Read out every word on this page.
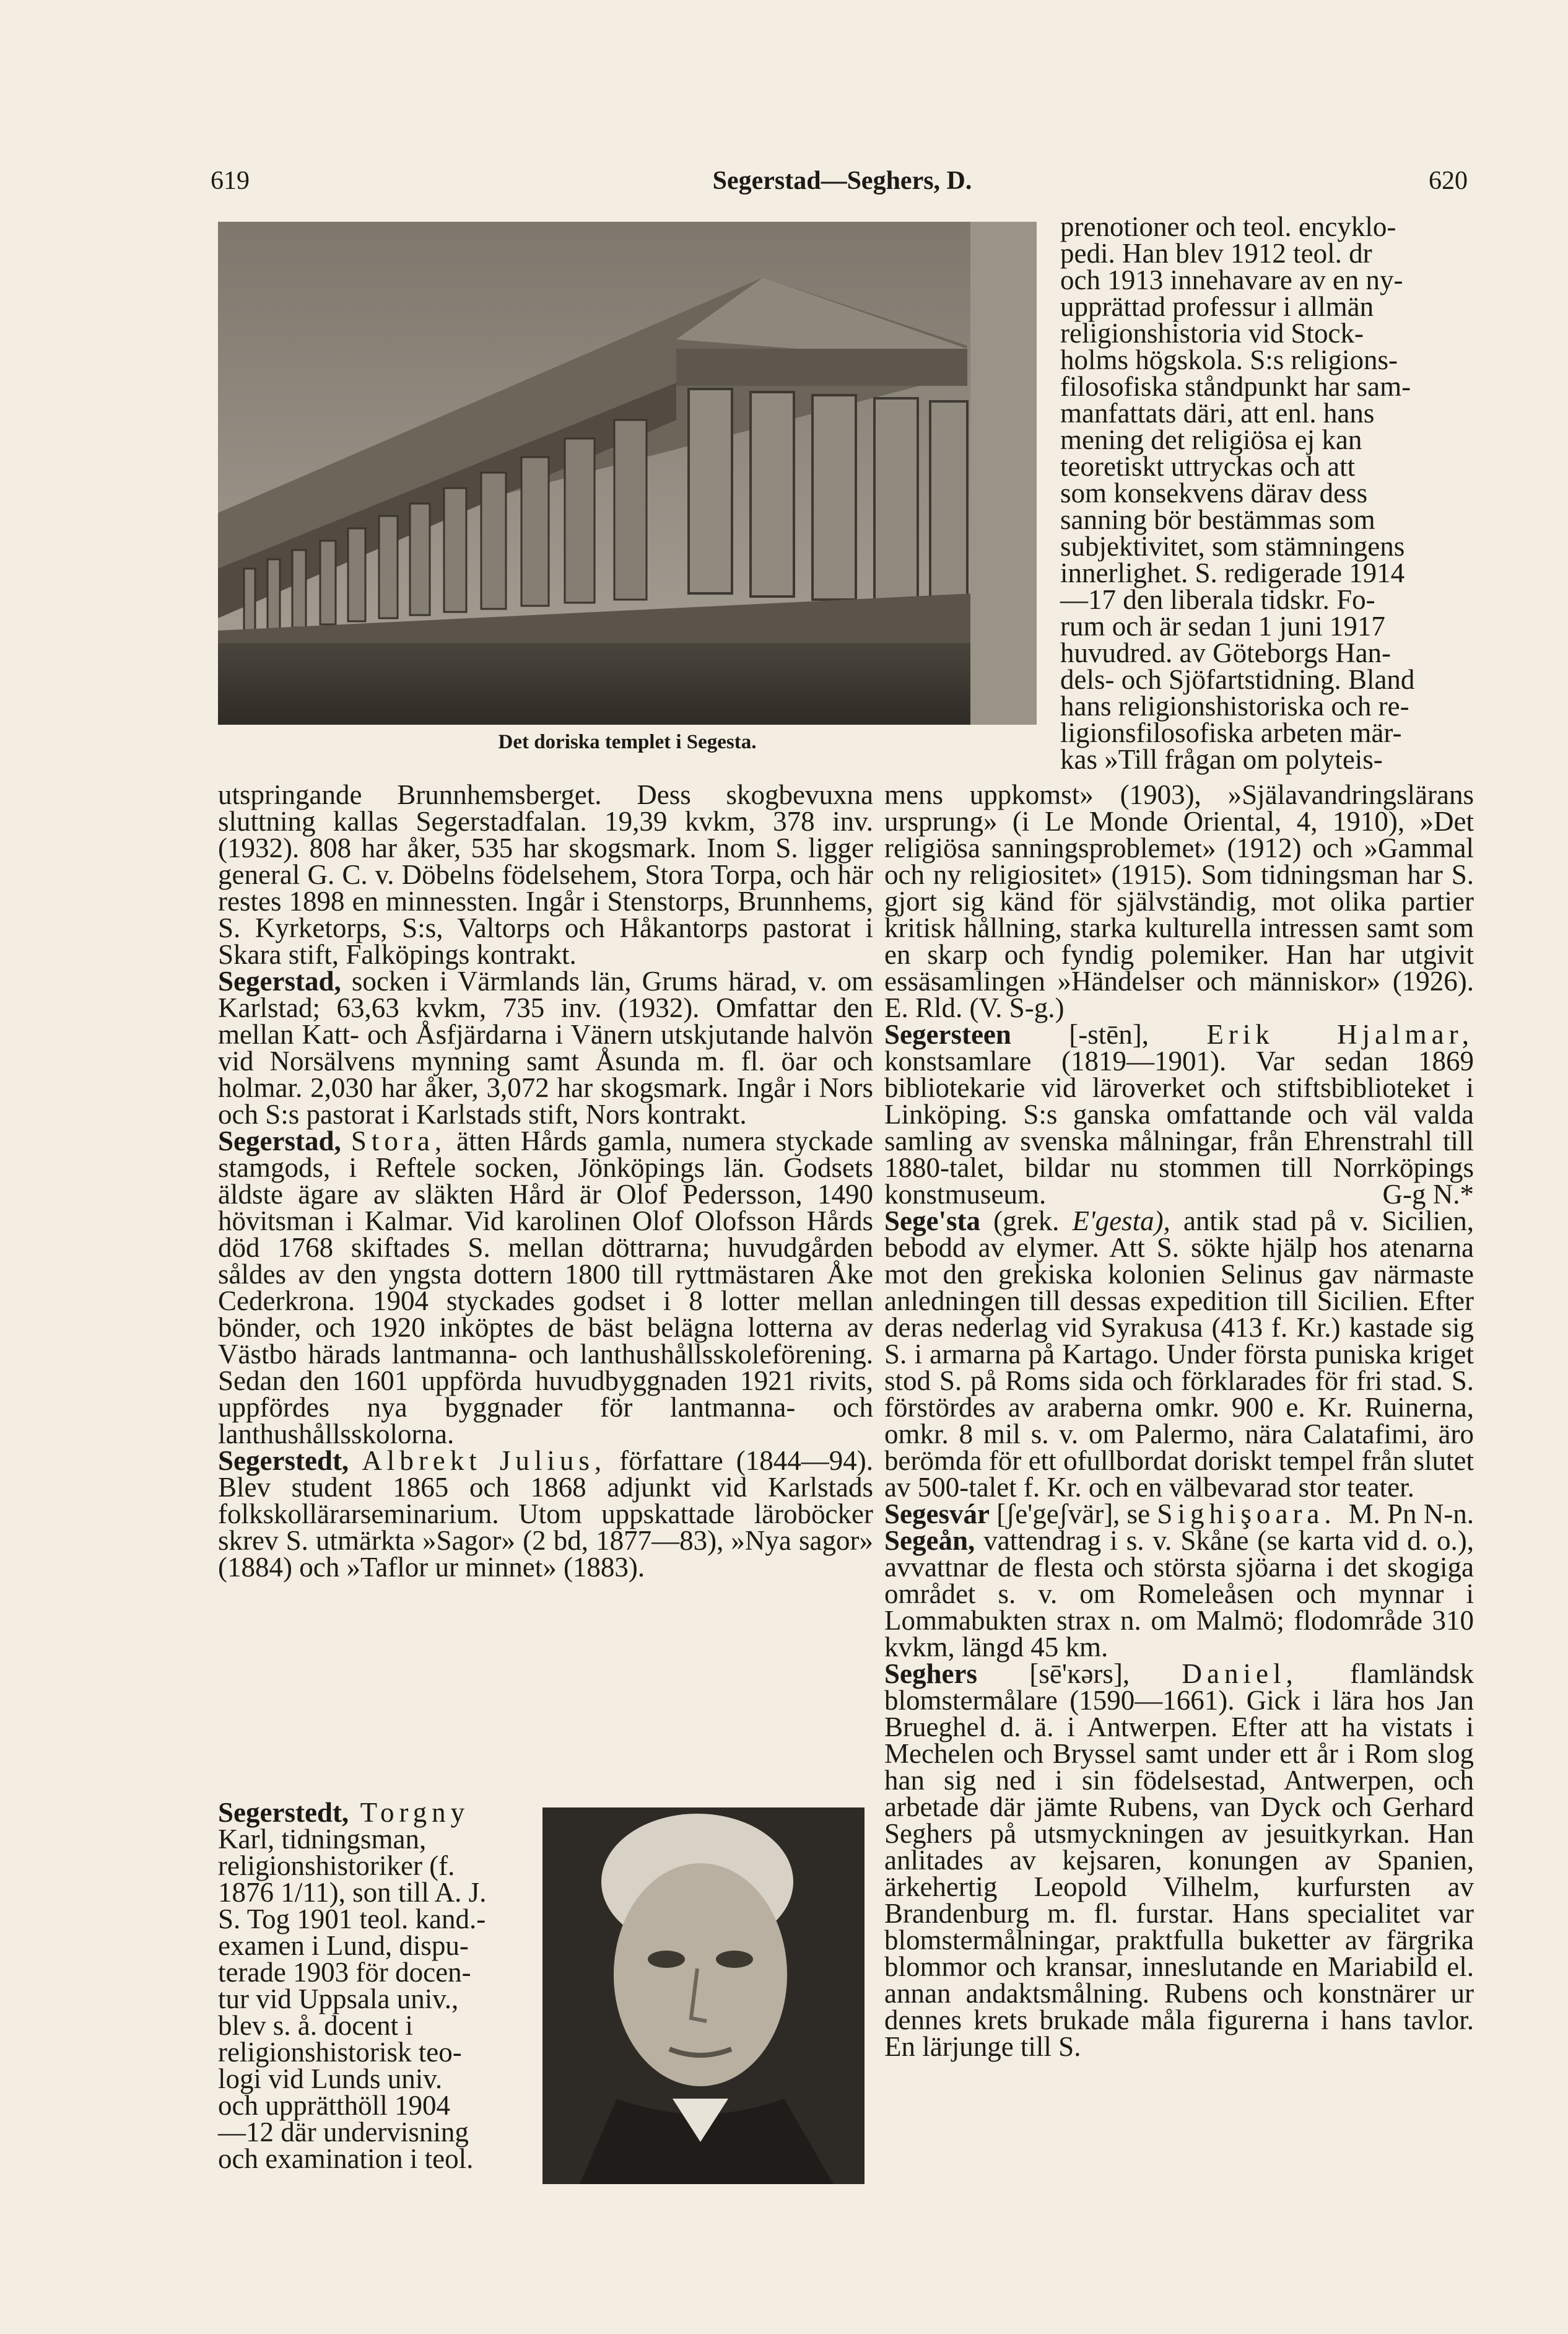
619	Segerstad—Seghers, D.	620
Det doriska templet i Segesta.
prenotioner och teol. encyklo-
pedi. Han blev 1912 teol. dr
och 1913 innehavare av en ny-
upprättad professur i allmän
religionshistoria vid Stock-
holms högskola. S:s religions-
filosofiska ståndpunkt har sam-
manfattats däri, att enl. hans
mening det religiösa ej kan
teoretiskt uttryckas och att
som konsekvens därav dess
sanning bör bestämmas som
subjektivitet, som stämningens
innerlighet. S. redigerade 1914
—17 den liberala tidskr. Fo-
rum och är sedan 1 juni 1917
huvudred. av Göteborgs Han-
dels- och Sjöfartstidning. Bland
hans religionshistoriska och re-
ligionsfilosofiska arbeten mär-
kas »Till frågan om polyteis-

utspringande Brunnhemsberget. Dess skogbevuxna sluttning kallas Segerstadfalan. 19,39 kvkm, 378 inv. (1932). 808 har åker, 535 har skogsmark. Inom S. ligger general G. C. v. Döbelns födelsehem, Stora Torpa, och här restes 1898 en minnessten. Ingår i Stenstorps, Brunnhems, S. Kyrketorps, S:s, Valtorps och Håkantorps pastorat i Skara stift, Falköpings kontrakt.

Segerstad, socken i Värmlands län, Grums härad, v. om Karlstad; 63,63 kvkm, 735 inv. (1932). Omfattar den mellan Katt- och Åsfjärdarna i Vänern utskjutande halvön vid Norsälvens mynning samt Åsunda m. fl. öar och holmar. 2,030 har åker, 3,072 har skogsmark. Ingår i Nors och S:s pastorat i Karlstads stift, Nors kontrakt.

Segerstad, Stora, ätten Hårds gamla, numera styckade stamgods, i Reftele socken, Jönköpings län. Godsets äldste ägare av släkten Hård är Olof Pedersson, 1490 hövitsman i Kalmar. Vid karolinen Olof Olofsson Hårds död 1768 skiftades S. mellan döttrarna; huvudgården såldes av den yngsta dottern 1800 till ryttmästaren Åke Cederkrona. 1904 styckades godset i 8 lotter mellan bönder, och 1920 inköptes de bäst belägna lotterna av Västbo härads lantmanna- och lanthushållsskoleförening. Sedan den 1601 uppförda huvudbyggnaden 1921 rivits, uppfördes nya byggnader för lantmanna- och lanthushållsskolorna.

Segerstedt, Albrekt Julius, författare (1844—94). Blev student 1865 och 1868 adjunkt vid Karlstads folkskollärarseminarium. Utom uppskattade läroböcker skrev S. utmärkta »Sagor» (2 bd, 1877—83), »Nya sagor» (1884) och »Taflor ur minnet» (1883).

Segerstedt, Torgny
Karl, tidningsman,
religionshistoriker (f.
1876 1/11), son till A. J.
S. Tog 1901 teol. kand.-
examen i Lund, dispu-
terade 1903 för docen-
tur vid Uppsala univ.,
blev s. å. docent i
religionshistorisk teo-
logi vid Lunds univ.
och upprätthöll 1904
—12 där undervisning
och examination i teol.

mens uppkomst» (1903), »Själavandringslärans ursprung» (i Le Monde Oriental, 4, 1910), »Det religiösa sanningsproblemet» (1912) och »Gammal och ny religiositet» (1915). Som tidningsman har S. gjort sig känd för självständig, mot olika partier kritisk hållning, starka kulturella intressen samt som en skarp och fyndig polemiker. Han har utgivit essäsamlingen »Händelser och människor» (1926). E. Rld. (V. S-g.)

Segersteen [-stēn], Erik Hjalmar, konstsamlare (1819—1901). Var sedan 1869 bibliotekarie vid läroverket och stiftsbiblioteket i Linköping. S:s ganska omfattande och väl valda samling av svenska målningar, från Ehrenstrahl till 1880-talet, bildar nu stommen till Norrköpings konstmuseum.	G-g N.*

Sege'sta (grek. E'gesta), antik stad på v. Sicilien, bebodd av elymer. Att S. sökte hjälp hos atenarna mot den grekiska kolonien Selinus gav närmaste anledningen till dessas expedition till Sicilien. Efter deras nederlag vid Syrakusa (413 f. Kr.) kastade sig S. i armarna på Kartago. Under första puniska kriget stod S. på Roms sida och förklarades för fri stad. S. förstördes av araberna omkr. 900 e. Kr. Ruinerna, omkr. 8 mil s. v. om Palermo, nära Calatafimi, äro berömda för ett ofullbordat doriskt tempel från slutet av 500-talet f. Kr. och en välbevarad stor teater.
M. Pn N-n.

Segesvár [ʃe'geʃvär], se Sighişoara.

Segeån, vattendrag i s. v. Skåne (se karta vid d. o.), avvattnar de flesta och största sjöarna i det skogiga området s. v. om Romeleåsen och mynnar i Lommabukten strax n. om Malmö; flodområde 310 kvkm, längd 45 km.

Seghers [sē'ĸərs], Daniel, flamländsk blomstermålare (1590—1661). Gick i lära hos Jan Brueghel d. ä. i Antwerpen. Efter att ha vistats i Mechelen och Bryssel samt under ett år i Rom slog han sig ned i sin födelsestad, Antwerpen, och arbetade där jämte Rubens, van Dyck och Gerhard Seghers på utsmyckningen av jesuitkyrkan. Han anlitades av kejsaren, konungen av Spanien, ärkehertig Leopold Vilhelm, kurfursten av Brandenburg m. fl. furstar. Hans specialitet var blomstermålningar, praktfulla buketter av färgrika blommor och kransar, inneslutande en Mariabild el. annan andaktsmålning. Rubens och konstnärer ur dennes krets brukade måla figurerna i hans tavlor. En lärjunge till S.
